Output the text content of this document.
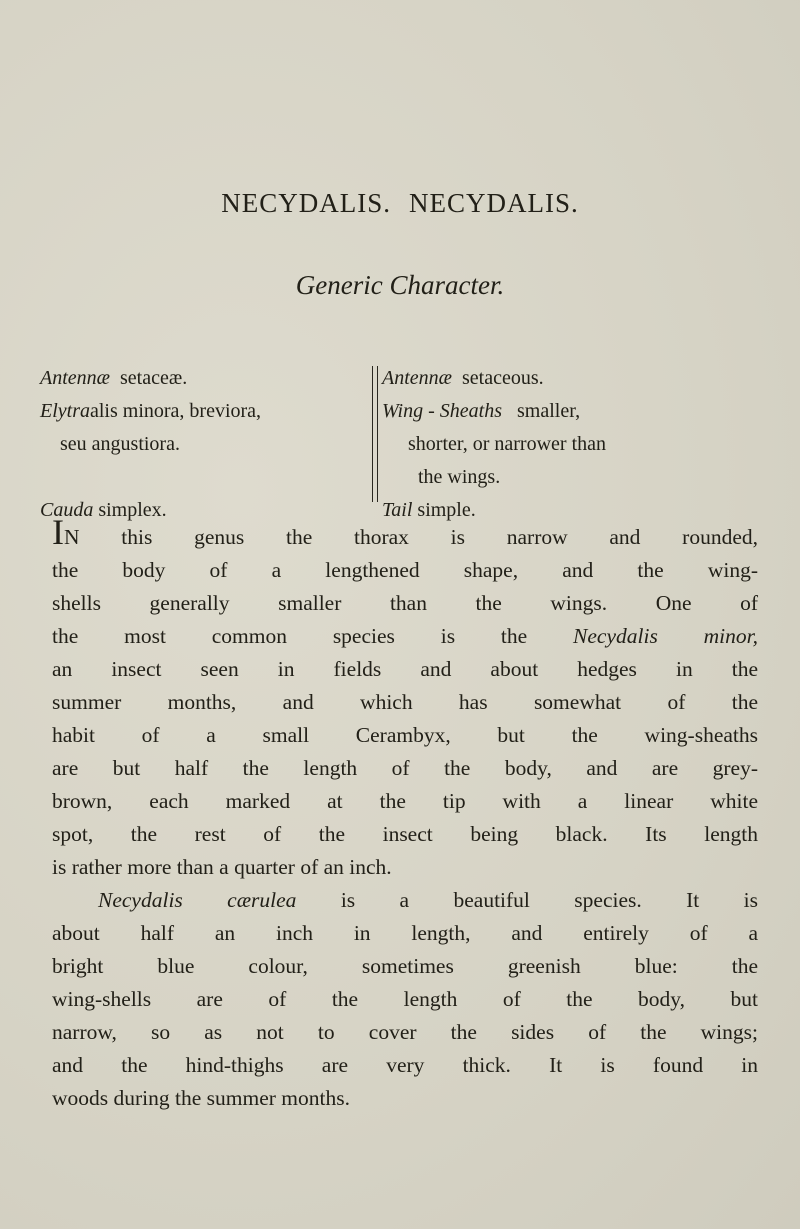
NECYDALIS. NECYDALIS.
Generic Character.
Antennæ setaceæ.
Elytraalis minora, breviora,
seu angustiora.

Cauda simplex.
Antennæ setaceous.
Wing - Sheaths smaller,
shorter, or narrower than
the wings.
Tail simple.

IN this genus the thorax is narrow and rounded,
the body of a lengthened shape, and the wing-
shells generally smaller than the wings. One of
the most common species is the Necydalis minor,
an insect seen in fields and about hedges in the
summer months, and which has somewhat of the
habit of a small Cerambyx, but the wing-sheaths
are but half the length of the body, and are grey-
brown, each marked at the tip with a linear white
spot, the rest of the insect being black. Its length
is rather more than a quarter of an inch.

Necydalis cærulea is a beautiful species. It is
about half an inch in length, and entirely of a
bright blue colour, sometimes greenish blue: the
wing-shells are of the length of the body, but
narrow, so as not to cover the sides of the wings;
and the hind-thighs are very thick. It is found in
woods during the summer months.
